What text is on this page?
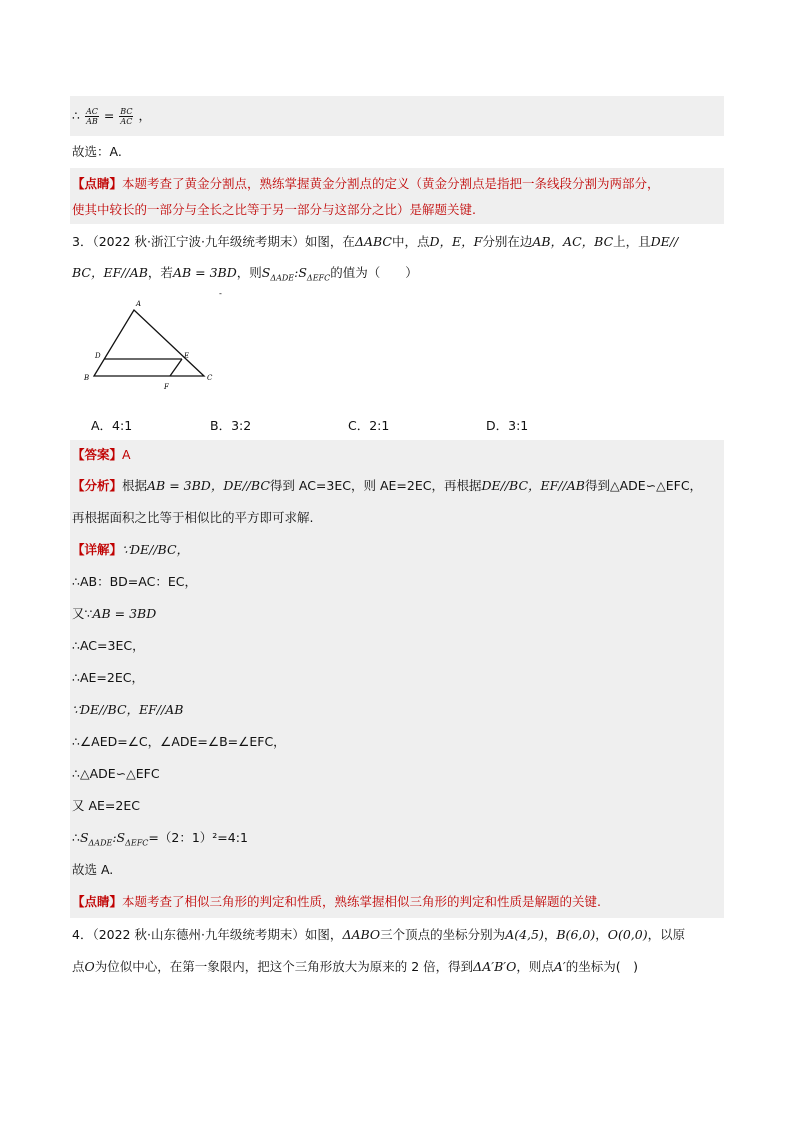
∴ $\frac{AC}{AB} = \frac{BC}{AC}$ ，
故选：A.
【点睛】本题考查了黄金分割点，熟练掌握黄金分割点的定义（黄金分割点是指把一条线段分割为两部分，
使其中较长的一部分与全长之比等于另一部分与这部分之比）是解题关键.
3．（2022 秋·浙江宁波·九年级统考期末）如图，在ΔABC中，点D，E，F分别在边AB，AC，BC上，且DE//
BC，EF//AB，若AB = 3BD，则$S_{\Delta ADE}:S_{\Delta EFC}$的值为（　　）
A
D	E
B	C
F
-
A．4:1	B．3:2	C．2:1	D．3:1
【答案】A
【分析】根据AB = 3BD，DE//BC得到 AC=3EC，则 AE=2EC，再根据DE//BC，EF//AB得到△ADE∽△EFC，
再根据面积之比等于相似比的平方即可求解.
【详解】∵DE//BC，
∴AB：BD=AC：EC，
又∵AB = 3BD
∴AC=3EC，
∴AE=2EC，
∵DE//BC，EF//AB
∴∠AED=∠C，∠ADE=∠B=∠EFC，
∴△ADE∽△EFC
又 AE=2EC
$\therefore S_{\Delta ADE}:S_{\Delta EFC}=(2$：1）²=4:1
故选 A.
【点睛】本题考查了相似三角形的判定和性质，熟练掌握相似三角形的判定和性质是解题的关键.
4．（2022 秋·山东德州·九年级统考期末）如图，ΔABO三个顶点的坐标分别为A(4,5)，B(6,0)，O(0,0)，以原
点O为位似中心，在第一象限内，把这个三角形放大为原来的 2 倍，得到ΔA′B′O，则点A′的坐标为(　)
